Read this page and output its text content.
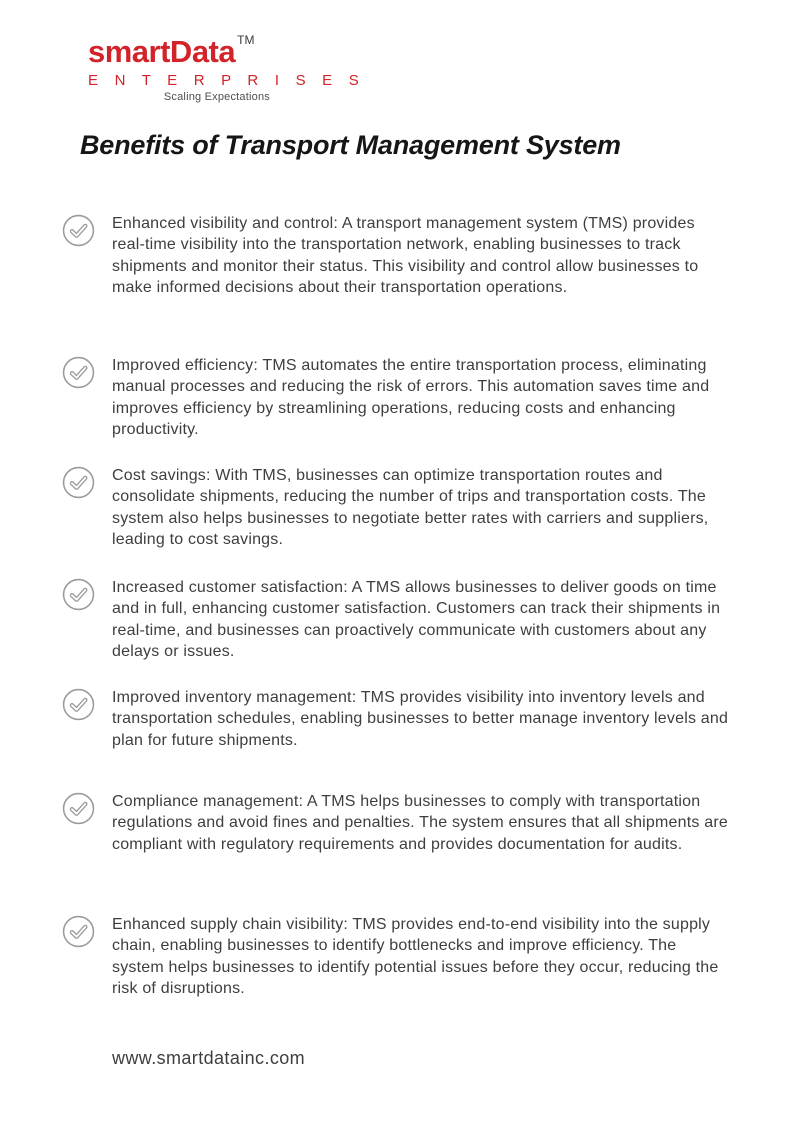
smartData TM
E N T E R P R I S E S
Scaling Expectations
Benefits of Transport Management System

Enhanced visibility and control: A transport management system (TMS) provides real-time visibility into the transportation network, enabling businesses to track shipments and monitor their status. This visibility and control allow businesses to make informed decisions about their transportation operations.

Improved efficiency: TMS automates the entire transportation process, eliminating manual processes and reducing the risk of errors. This automation saves time and improves efficiency by streamlining operations, reducing costs and enhancing productivity.

Cost savings: With TMS, businesses can optimize transportation routes and consolidate shipments, reducing the number of trips and transportation costs. The system also helps businesses to negotiate better rates with carriers and suppliers, leading to cost savings.

Increased customer satisfaction: A TMS allows businesses to deliver goods on time and in full, enhancing customer satisfaction. Customers can track their shipments in real-time, and businesses can proactively communicate with customers about any delays or issues.

Improved inventory management: TMS provides visibility into inventory levels and transportation schedules, enabling businesses to better manage inventory levels and plan for future shipments.

Compliance management: A TMS helps businesses to comply with transportation regulations and avoid fines and penalties. The system ensures that all shipments are compliant with regulatory requirements and provides documentation for audits.

Enhanced supply chain visibility: TMS provides end-to-end visibility into the supply chain, enabling businesses to identify bottlenecks and improve efficiency. The system helps businesses to identify potential issues before they occur, reducing the risk of disruptions.

www.smartdatainc.com
